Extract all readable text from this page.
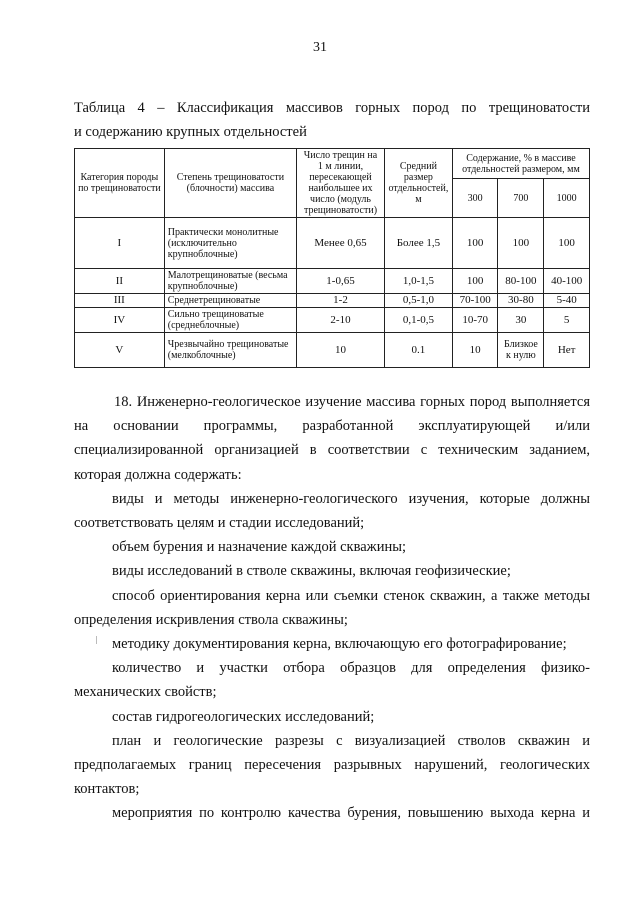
31
Таблица 4 – Классификация массивов горных пород по трещиноватости
и содержанию крупных отдельностей
Категория породы по трещиноватости	Степень трещиноватости (блочности) массива	Число трещин на 1 м линии, пересекающей наибольшее их число (модуль трещиноватости)	Средний размер отдельностей, м	Содержание, % в массиве отдельностей размером, мм		
				300	700	1000
I	Практически монолитные (исключительно крупноблочные)	Менее 0,65	Более 1,5	100	100	100
II	Малотрещиноватые (весьма крупноблочные)	1-0,65	1,0-1,5	100	80-100	40-100
III	Среднетрещиноватые	1-2	0,5-1,0	70-100	30-80	5-40
IV	Сильно трещиноватые (среднеблочные)	2-10	0,1-0,5	10-70	30	5
V	Чрезвычайно трещиноватые (мелкоблочные)	10	0.1	10	Близкое к нулю	Нет

18. Инженерно-геологическое изучение массива горных пород выполняется на основании программы, разработанной эксплуатирующей и/или специализированной организацией в соответствии с техническим заданием, которая должна содержать:

виды и методы инженерно-геологического изучения, которые должны соответствовать целям и стадии исследований;

объем бурения и назначение каждой скважины;

виды исследований в стволе скважины, включая геофизические;

способ ориентирования керна или съемки стенок скважин, а также методы определения искривления ствола скважины;

методику документирования керна, включающую его фотографирование;

количество и участки отбора образцов для определения физико-механических свойств;

состав гидрогеологических исследований;

план и геологические разрезы с визуализацией стволов скважин и предполагаемых границ пересечения разрывных нарушений, геологических контактов;

мероприятия по контролю качества бурения, повышению выхода керна и
